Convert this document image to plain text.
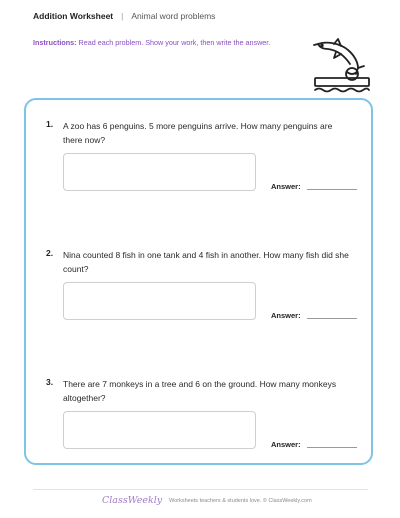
Addition Worksheet | Animal word problems
Instructions: Read each problem. Show your work, then write the answer.
1. A zoo has 6 penguins. 5 more penguins arrive. How many penguins are there now?
Answer:
2. Nina counted 8 fish in one tank and 4 fish in another. How many fish did she count?
Answer:
3. There are 7 monkeys in a tree and 6 on the ground. How many monkeys altogether?
Answer:
ClassWeekly Worksheets teachers & students love. © ClassWeekly.com
